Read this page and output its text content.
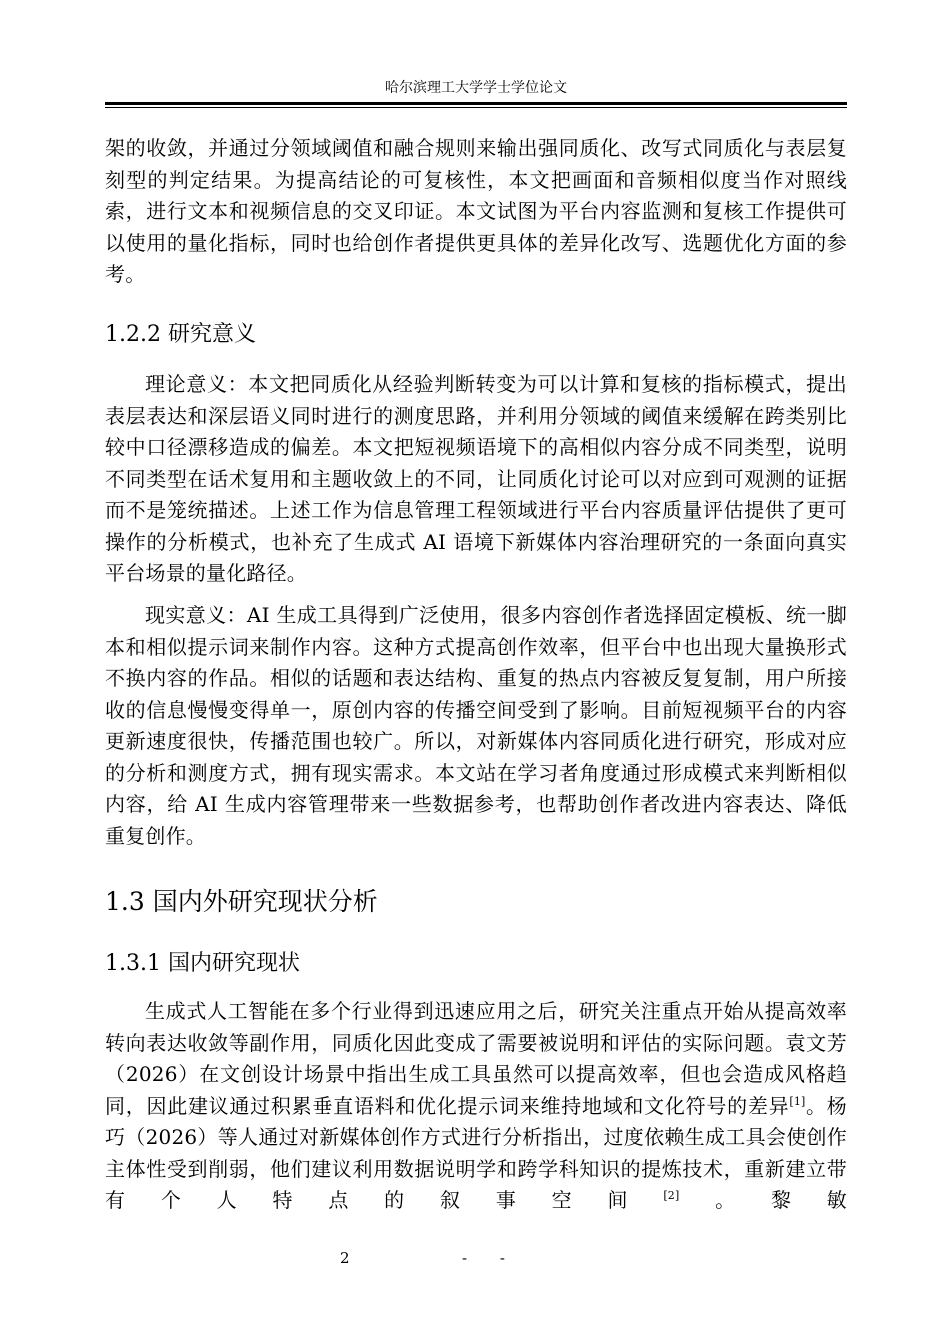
哈尔滨理工大学学士学位论文
架的收敛，并通过分领域阈值和融合规则来输出强同质化、改写式同质化与表层复刻型的判定结果。为提高结论的可复核性，本文把画面和音频相似度当作对照线索，进行文本和视频信息的交叉印证。本文试图为平台内容监测和复核工作提供可以使用的量化指标，同时也给创作者提供更具体的差异化改写、选题优化方面的参考。
1.2.2 研究意义
理论意义：本文把同质化从经验判断转变为可以计算和复核的指标模式，提出表层表达和深层语义同时进行的测度思路，并利用分领域的阈值来缓解在跨类别比较中口径漂移造成的偏差。本文把短视频语境下的高相似内容分成不同类型，说明不同类型在话术复用和主题收敛上的不同，让同质化讨论可以对应到可观测的证据而不是笼统描述。上述工作为信息管理工程领域进行平台内容质量评估提供了更可操作的分析模式，也补充了生成式 AI 语境下新媒体内容治理研究的一条面向真实平台场景的量化路径。
现实意义：AI 生成工具得到广泛使用，很多内容创作者选择固定模板、统一脚本和相似提示词来制作内容。这种方式提高创作效率，但平台中也出现大量换形式不换内容的作品。相似的话题和表达结构、重复的热点内容被反复复制，用户所接收的信息慢慢变得单一，原创内容的传播空间受到了影响。目前短视频平台的内容更新速度很快，传播范围也较广。所以，对新媒体内容同质化进行研究，形成对应的分析和测度方式，拥有现实需求。本文站在学习者角度通过形成模式来判断相似内容，给 AI 生成内容管理带来一些数据参考，也帮助创作者改进内容表达、降低重复创作。
1.3 国内外研究现状分析
1.3.1 国内研究现状
生成式人工智能在多个行业得到迅速应用之后，研究关注重点开始从提高效率转向表达收敛等副作用，同质化因此变成了需要被说明和评估的实际问题。袁文芳（2026）在文创设计场景中指出生成工具虽然可以提高效率，但也会造成风格趋同，因此建议通过积累垂直语料和优化提示词来维持地域和文化符号的差异[1]。杨巧（2026）等人通过对新媒体创作方式进行分析指出，过度依赖生成工具会使创作主体性受到削弱，他们建议利用数据说明学和跨学科知识的提炼技术，重新建立带有个人特点的叙事空间[2]。黎敏
2	- -
